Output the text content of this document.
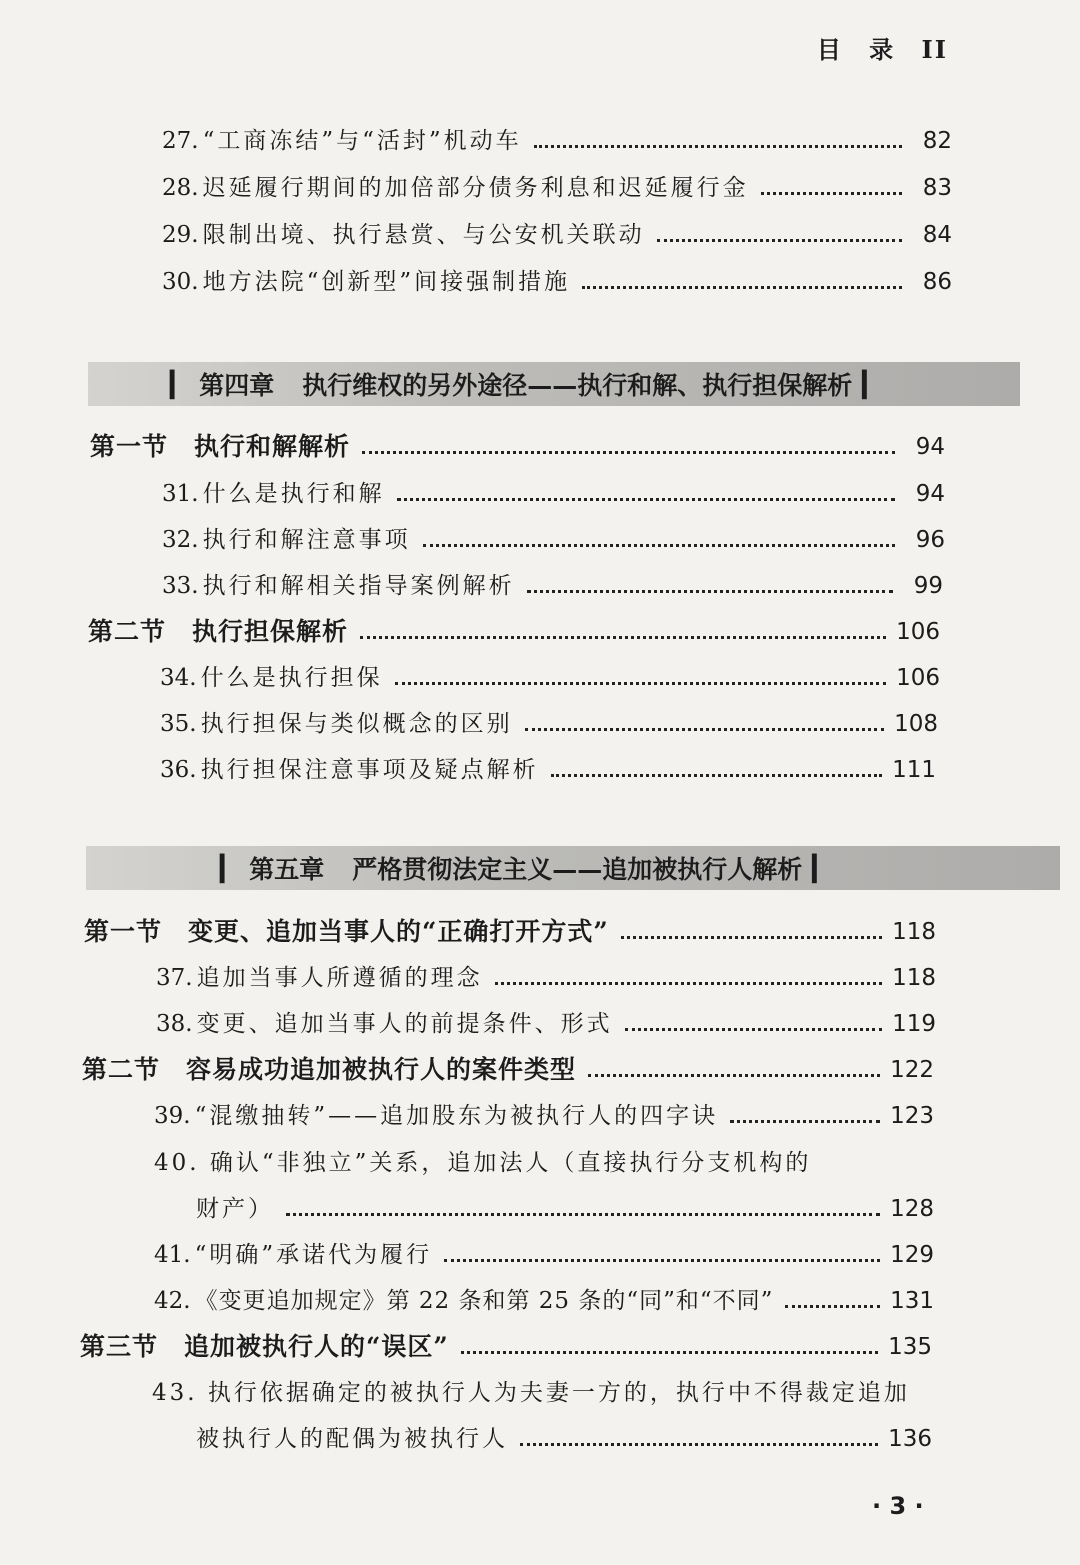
目 录 II
27. “工商冻结”与“活封”机动车	82
28. 迟延履行期间的加倍部分债务利息和迟延履行金	83
29. 限制出境、执行悬赏、与公安机关联动	84
30. 地方法院“创新型”间接强制措施	86
▎ 第四章 执行维权的另外途径——执行和解、执行担保解析 ▎
第一节 执行和解解析	94
31. 什么是执行和解	94
32. 执行和解注意事项	96
33. 执行和解相关指导案例解析	99
第二节 执行担保解析	106
34. 什么是执行担保	106
35. 执行担保与类似概念的区别	108
36. 执行担保注意事项及疑点解析	111
▎ 第五章 严格贯彻法定主义——追加被执行人解析 ▎
第一节 变更、追加当事人的“正确打开方式”	118
37. 追加当事人所遵循的理念	118
38. 变更、追加当事人的前提条件、形式	119
第二节 容易成功追加被执行人的案件类型	122
39. “混缴抽转”——追加股东为被执行人的四字诀	123
40. 确认“非独立”关系，追加法人（直接执行分支机构的
财产）	128
41. “明确”承诺代为履行	129
42. 《变更追加规定》第 22 条和第 25 条的“同”和“不同”	131
第三节 追加被执行人的“误区”	135
43. 执行依据确定的被执行人为夫妻一方的，执行中不得裁定追加
被执行人的配偶为被执行人	136
· 3 ·
